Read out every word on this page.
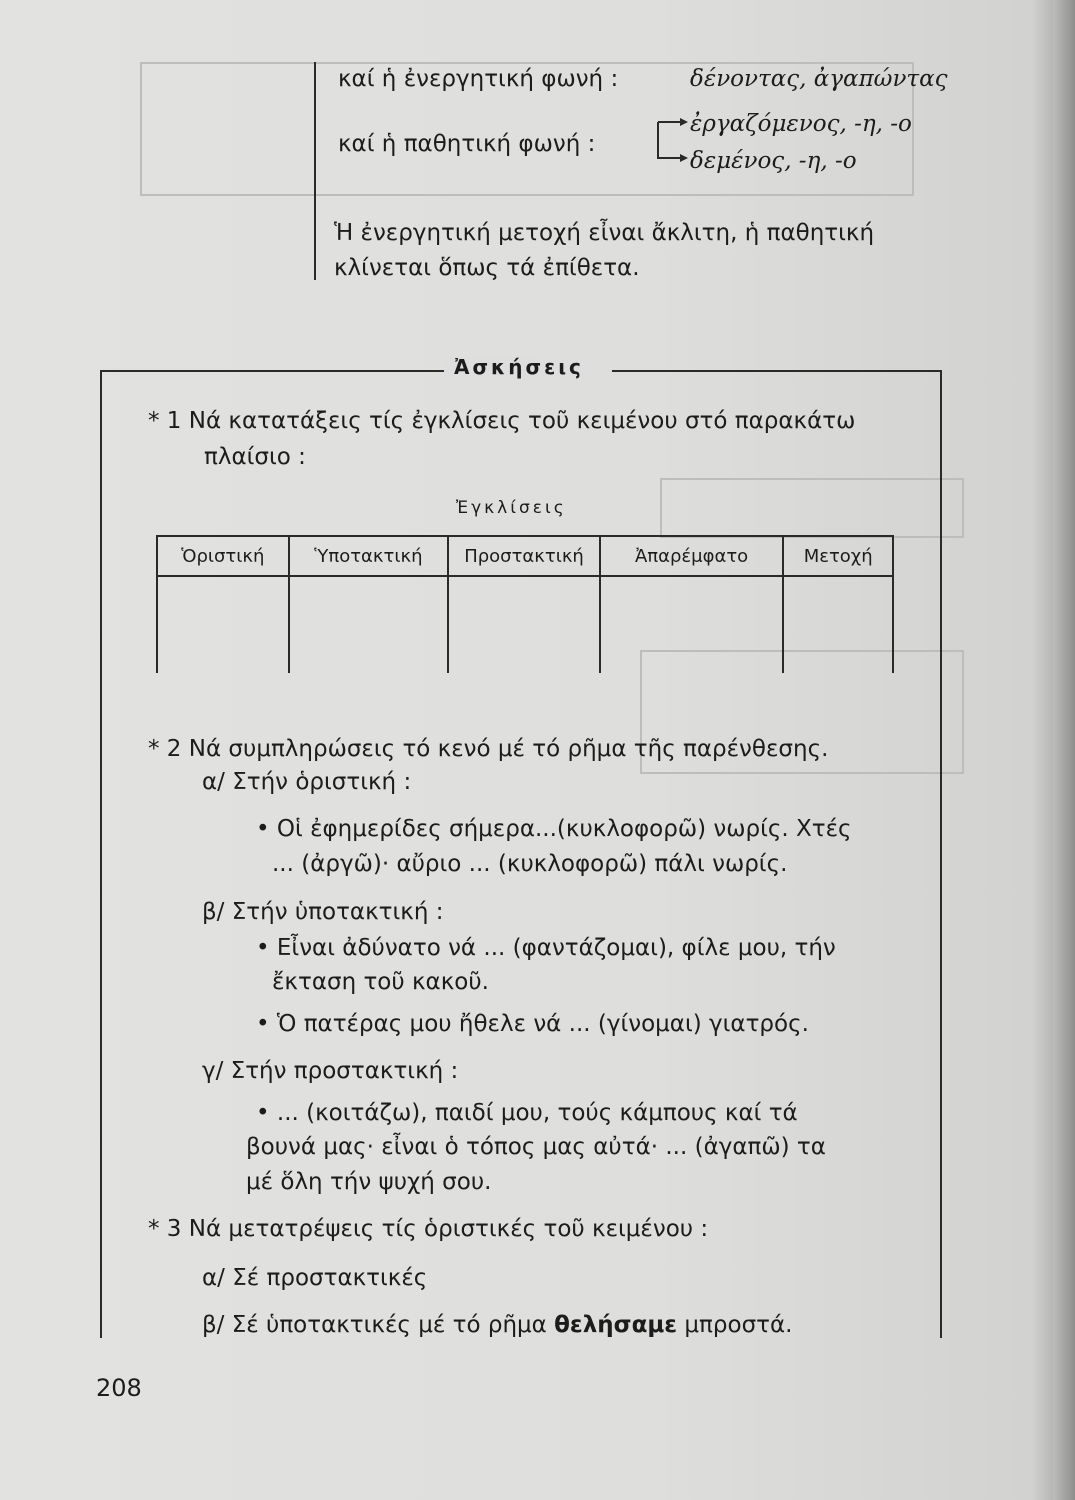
καί ἡ ἐνεργητική φωνή :	δένοντας, ἀγαπώντας
καί ἡ παθητική φωνή :
ἐργαζόμενος, -η, -ο
δεμένος, -η, -ο
Ἡ ἐνεργητική μετοχή εἶναι ἄκλιτη, ἡ παθητική
κλίνεται ὅπως τά ἐπίθετα.
Ἀσκήσεις
* 1 Νά κατατάξεις τίς ἐγκλίσεις τοῦ κειμένου στό παρακάτω
πλαίσιο :
Ἐγκλίσεις
Ὁριστική	Ὑποτακτική	Προστακτική	Ἀπαρέμφατο	Μετοχή

* 2 Νά συμπληρώσεις τό κενό μέ τό ρῆμα τῆς παρένθεσης.
α/ Στήν ὁριστική :
• Οἱ ἐφημερίδες σήμερα...(κυκλοφορῶ) νωρίς. Χτές
... (ἀργῶ)· αὔριο ... (κυκλοφορῶ) πάλι νωρίς.
β/ Στήν ὑποτακτική :
• Εἶναι ἀδύνατο νά ... (φαντάζομαι), φίλε μου, τήν
ἔκταση τοῦ κακοῦ.
• Ὁ πατέρας μου ἤθελε νά ... (γίνομαι) γιατρός.
γ/ Στήν προστακτική :
• ... (κοιτάζω), παιδί μου, τούς κάμπους καί τά
βουνά μας· εἶναι ὁ τόπος μας αὐτά· ... (ἀγαπῶ) τα
μέ ὅλη τήν ψυχή σου.
* 3 Νά μετατρέψεις τίς ὁριστικές τοῦ κειμένου :
α/ Σέ προστακτικές
β/ Σέ ὑποτακτικές μέ τό ρῆμα θελήσαμε μπροστά.
208
